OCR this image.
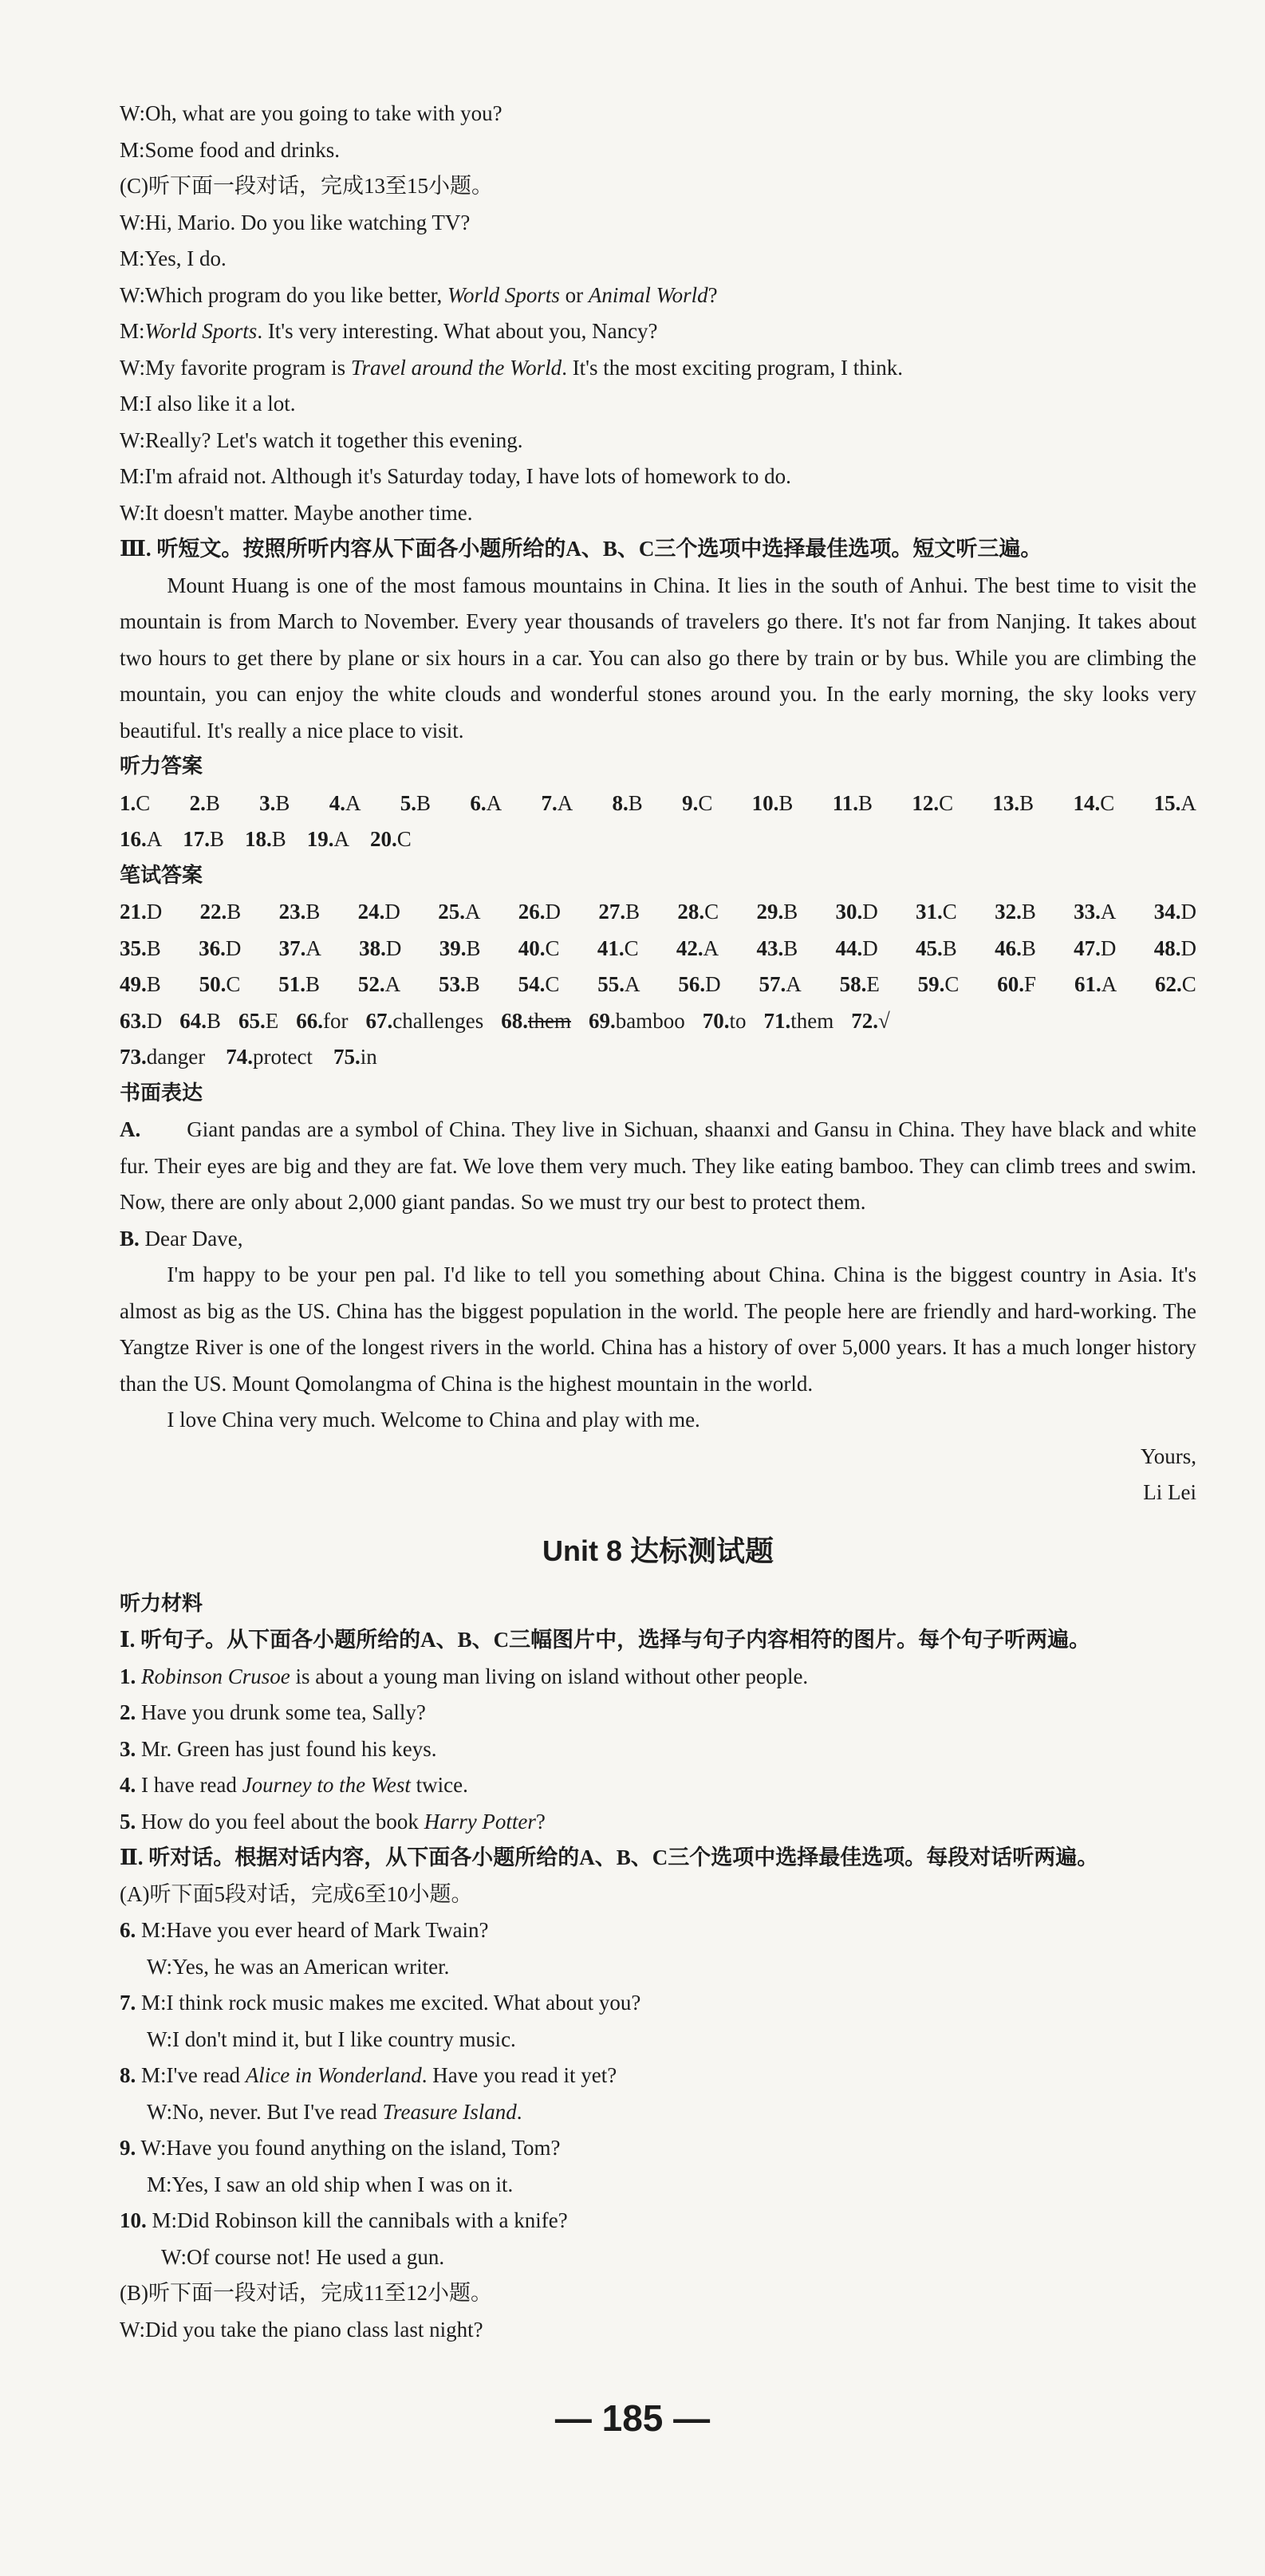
W:Oh, what are you going to take with you?

M:Some food and drinks.

(C)听下面一段对话，完成13至15小题。

W:Hi, Mario. Do you like watching TV?

M:Yes, I do.

W:Which program do you like better, World Sports or Animal World?

M:World Sports. It's very interesting. What about you, Nancy?

W:My favorite program is Travel around the World. It's the most exciting program, I think.

M:I also like it a lot.

W:Really? Let's watch it together this evening.

M:I'm afraid not. Although it's Saturday today, I have lots of homework to do.

W:It doesn't matter. Maybe another time.

Ⅲ. 听短文。按照所听内容从下面各小题所给的A、B、C三个选项中选择最佳选项。短文听三遍。

Mount Huang is one of the most famous mountains in China. It lies in the south of Anhui. The best time to visit the mountain is from March to November. Every year thousands of travelers go there. It's not far from Nanjing. It takes about two hours to get there by plane or six hours in a car. You can also go there by train or by bus. While you are climbing the mountain, you can enjoy the white clouds and wonderful stones around you. In the early morning, the sky looks very beautiful. It's really a nice place to visit.

听力答案

1.C 2.B 3.B 4.A 5.B 6.A 7.A 8.B 9.C 10.B 11.B 12.C 13.B 14.C 15.A
16.A 17.B 18.B 19.A 20.C

笔试答案

21.D 22.B 23.B 24.D 25.A 26.D 27.B 28.C 29.B 30.D 31.C 32.B 33.A 34.D
35.B 36.D 37.A 38.D 39.B 40.C 41.C 42.A 43.B 44.D 45.B 46.B 47.D 48.D
49.B 50.C 51.B 52.A 53.B 54.C 55.A 56.D 57.A 58.E 59.C 60.F 61.A 62.C
63.D 64.B 65.E 66.for 67.challenges 68.them 69.bamboo 70.to 71.them 72.√
73.danger 74.protect 75.in

书面表达

A. Giant pandas are a symbol of China. They live in Sichuan, shaanxi and Gansu in China. They have black and white fur. Their eyes are big and they are fat. We love them very much. They like eating bamboo. They can climb trees and swim. Now, there are only about 2,000 giant pandas. So we must try our best to protect them.

B. Dear Dave,

I'm happy to be your pen pal. I'd like to tell you something about China. China is the biggest country in Asia. It's almost as big as the US. China has the biggest population in the world. The people here are friendly and hard-working. The Yangtze River is one of the longest rivers in the world. China has a history of over 5,000 years. It has a much longer history than the US. Mount Qomolangma of China is the highest mountain in the world.

I love China very much. Welcome to China and play with me.

Yours,

Li Lei

Unit 8 达标测试题

听力材料

Ⅰ. 听句子。从下面各小题所给的A、B、C三幅图片中，选择与句子内容相符的图片。每个句子听两遍。

1. Robinson Crusoe is about a young man living on island without other people.

2. Have you drunk some tea, Sally?

3. Mr. Green has just found his keys.

4. I have read Journey to the West twice.

5. How do you feel about the book Harry Potter?

Ⅱ. 听对话。根据对话内容，从下面各小题所给的A、B、C三个选项中选择最佳选项。每段对话听两遍。

(A)听下面5段对话，完成6至10小题。

6. M:Have you ever heard of Mark Twain?

W:Yes, he was an American writer.

7. M:I think rock music makes me excited. What about you?

W:I don't mind it, but I like country music.

8. M:I've read Alice in Wonderland. Have you read it yet?

W:No, never. But I've read Treasure Island.

9. W:Have you found anything on the island, Tom?

M:Yes, I saw an old ship when I was on it.

10. M:Did Robinson kill the cannibals with a knife?

W:Of course not! He used a gun.

(B)听下面一段对话，完成11至12小题。

W:Did you take the piano class last night?

— 185 —
